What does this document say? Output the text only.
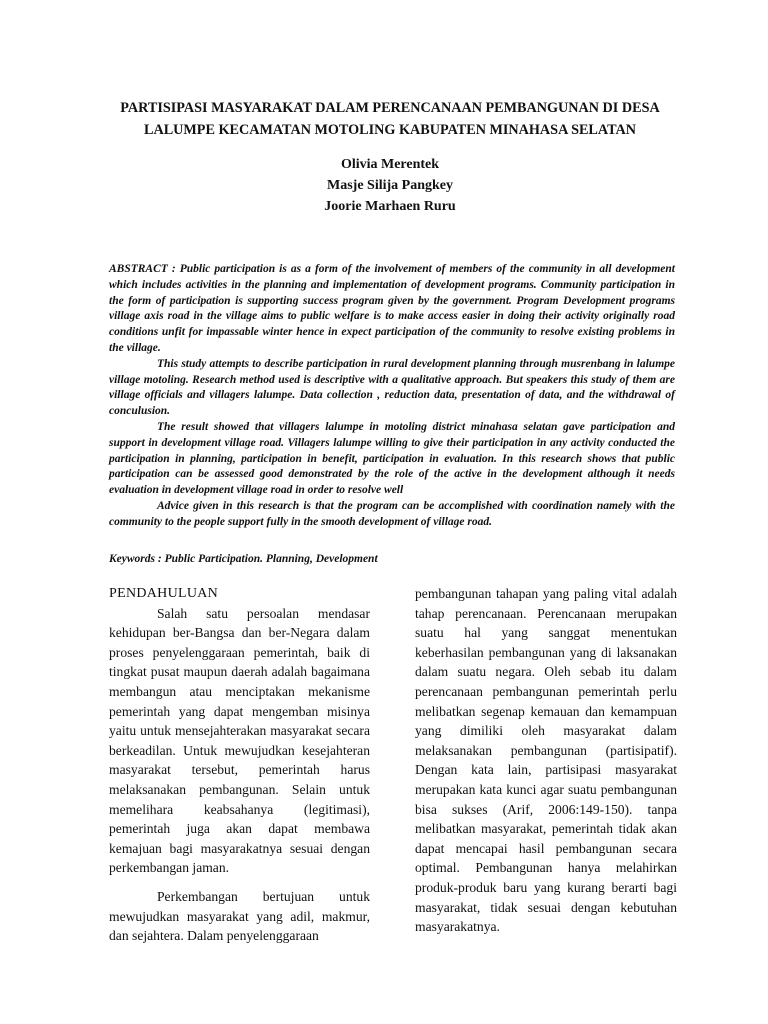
PARTISIPASI MASYARAKAT DALAM PERENCANAAN PEMBANGUNAN DI DESA LALUMPE KECAMATAN MOTOLING KABUPATEN MINAHASA SELATAN
Olivia Merentek
Masje Silija Pangkey
Joorie Marhaen Ruru

ABSTRACT : Public participation is as a form of the involvement of members of the community in all development which includes activities in the planning and implementation of development programs. Community participation in the form of participation is supporting success program given by the government. Program Development programs village axis road in the village aims to public welfare is to make access easier in doing their activity originally road conditions unfit for impassable winter hence in expect participation of the community to resolve existing problems in the village.

This study attempts to describe participation in rural development planning through musrenbang in lalumpe village motoling. Research method used is descriptive with a qualitative approach. But speakers this study of them are village officials and villagers lalumpe. Data collection , reduction data, presentation of data, and the withdrawal of conculusion.

The result showed that villagers lalumpe in motoling district minahasa selatan gave participation and support in development village road. Villagers lalumpe willing to give their participation in any activity conducted the participation in planning, participation in benefit, participation in evaluation. In this research shows that public participation can be assessed good demonstrated by the role of the active in the development although it needs evaluation in development village road in order to resolve well

Advice given in this research is that the program can be accomplished with coordination namely with the community to the people support fully in the smooth development of village road.

Keywords : Public Participation. Planning, Development
PENDAHULUAN

Salah satu persoalan mendasar kehidupan ber-Bangsa dan ber-Negara dalam proses penyelenggaraan pemerintah, baik di tingkat pusat maupun daerah adalah bagaimana membangun atau menciptakan mekanisme pemerintah yang dapat mengemban misinya yaitu untuk mensejahterakan masyarakat secara berkeadilan. Untuk mewujudkan kesejahteran masyarakat tersebut, pemerintah harus melaksanakan pembangunan. Selain untuk memelihara keabsahanya (legitimasi), pemerintah juga akan dapat membawa kemajuan bagi masyarakatnya sesuai dengan perkembangan jaman.

Perkembangan bertujuan untuk mewujudkan masyarakat yang adil, makmur, dan sejahtera. Dalam penyelenggaraan

pembangunan tahapan yang paling vital adalah tahap perencanaan. Perencanaan merupakan suatu hal yang sanggat menentukan keberhasilan pembangunan yang di laksanakan dalam suatu negara. Oleh sebab itu dalam perencanaan pembangunan pemerintah perlu melibatkan segenap kemauan dan kemampuan yang dimiliki oleh masyarakat dalam melaksanakan pembangunan (partisipatif). Dengan kata lain, partisipasi masyarakat merupakan kata kunci agar suatu pembangunan bisa sukses (Arif, 2006:149-150). tanpa melibatkan masyarakat, pemerintah tidak akan dapat mencapai hasil pembangunan secara optimal. Pembangunan hanya melahirkan produk-produk baru yang kurang berarti bagi masyarakat, tidak sesuai dengan kebutuhan masyarakatnya.
